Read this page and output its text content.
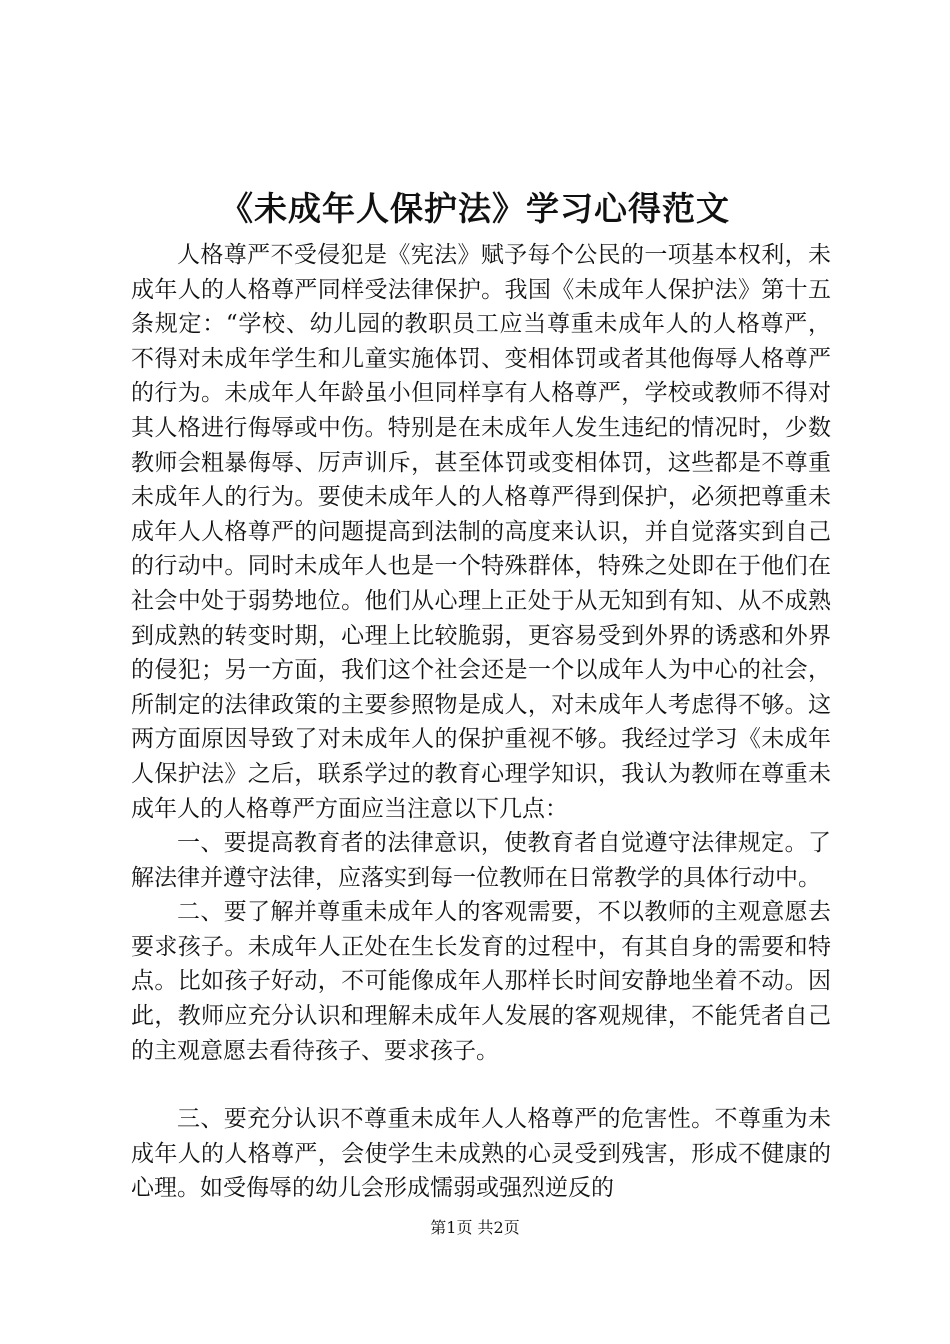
《未成年人保护法》学习心得范文

人格尊严不受侵犯是《宪法》赋予每个公民的一项基本权利，未成年人的人格尊严同样受法律保护。我国《未成年人保护法》第十五条规定：“学校、幼儿园的教职员工应当尊重未成年人的人格尊严，不得对未成年学生和儿童实施体罚、变相体罚或者其他侮辱人格尊严的行为。未成年人年龄虽小但同样享有人格尊严，学校或教师不得对其人格进行侮辱或中伤。特别是在未成年人发生违纪的情况时，少数教师会粗暴侮辱、厉声训斥，甚至体罚或变相体罚，这些都是不尊重未成年人的行为。要使未成年人的人格尊严得到保护，必须把尊重未成年人人格尊严的问题提高到法制的高度来认识，并自觉落实到自己的行动中。同时未成年人也是一个特殊群体，特殊之处即在于他们在社会中处于弱势地位。他们从心理上正处于从无知到有知、从不成熟到成熟的转变时期，心理上比较脆弱，更容易受到外界的诱惑和外界的侵犯；另一方面，我们这个社会还是一个以成年人为中心的社会，所制定的法律政策的主要参照物是成人，对未成年人考虑得不够。这两方面原因导致了对未成年人的保护重视不够。我经过学习《未成年人保护法》之后，联系学过的教育心理学知识，我认为教师在尊重未成年人的人格尊严方面应当注意以下几点：

一、要提高教育者的法律意识，使教育者自觉遵守法律规定。了解法律并遵守法律，应落实到每一位教师在日常教学的具体行动中。

二、要了解并尊重未成年人的客观需要，不以教师的主观意愿去要求孩子。未成年人正处在生长发育的过程中，有其自身的需要和特点。比如孩子好动，不可能像成年人那样长时间安静地坐着不动。因此，教师应充分认识和理解未成年人发展的客观规律，不能凭者自己的主观意愿去看待孩子、要求孩子。

三、要充分认识不尊重未成年人人格尊严的危害性。不尊重为未成年人的人格尊严，会使学生未成熟的心灵受到残害，形成不健康的心理。如受侮辱的幼儿会形成懦弱或强烈逆反的

第1页 共2页
